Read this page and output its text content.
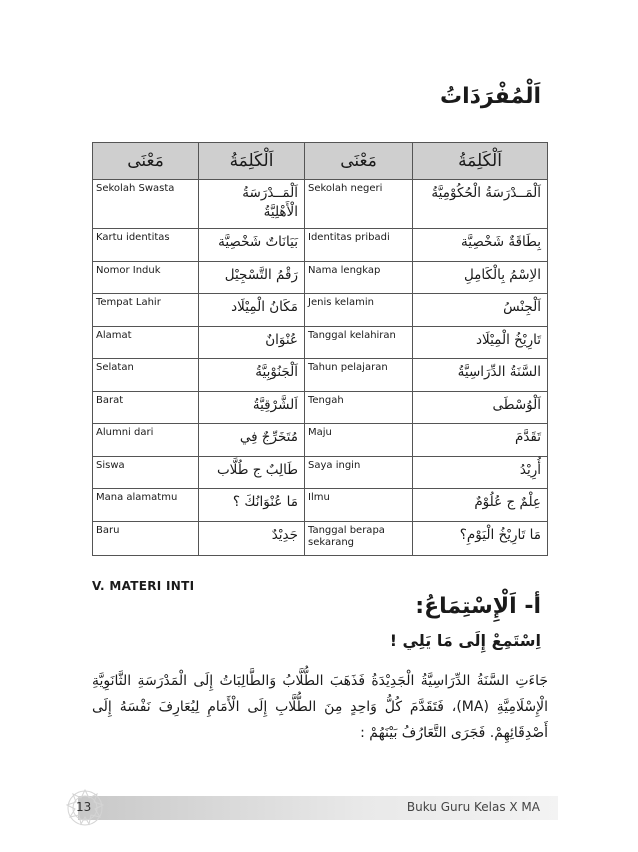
اَلْمُفْرَدَاتُ
مَعْنَى	اَلْكَلِمَةُ	مَعْنَى	اَلْكَلِمَةُ
Sekolah Swasta	اَلْمَــدْرَسَةُ الْأَهْلِيَّةُ	Sekolah negeri	اَلْمَــدْرَسَةُ الْحُكُوْمِيَّةُ
Kartu identitas	بَيَانَاتٌ شَخْصِيَّة	Identitas pribadi	بِطَاقَةٌ شَخْصِيَّة
Nomor Induk	رَقْمُ التَّسْجِيْل	Nama lengkap	الاِسْمُ بِالْكَامِلِ
Tempat Lahir	مَكَانُ الْمِيْلَاد	Jenis kelamin	اَلْجِنْسُ
Alamat	عُنْوَانٌ	Tanggal kelahiran	تَارِيْخُ الْمِيْلَاد
Selatan	اَلْجَنُوْبِيَّةُ	Tahun pelajaran	السَّنَةُ الدِّرَاسِيَّةُ
Barat	اَلشَّرْقِيَّةُ	Tengah	اَلْوُسْطَى
Alumni dari	مُتَخَرِّجٌ فِي	Maju	تَقَدَّمَ
Siswa	طَالِبٌ ج طُلَّاب	Saya ingin	أُرِيْدُ
Mana alamatmu	مَا عُنْوَانُكَ ؟	Ilmu	عِلْمٌ ج عُلُوْمٌ
Baru	جَدِيْدٌ	Tanggal berapa sekarang	مَا تَارِيْخُ الْيَوْمِ؟
V. MATERI INTI
أ- اَلْإِسْتِمَاعُ:
اِسْتَمِعْ إِلَى مَا يَلِي !
جَاءَتِ السَّنَةُ الدِّرَاسِيَّةُ الْجَدِيْدَةُ فَذَهَبَ الطُّلَّابُ وَالطَّالِبَاتُ إِلَى الْمَدْرَسَةِ الثَّانَوِيَّةِ الْإِسْلَامِيَّةِ (MA)، فَتَقَدَّمَ كُلُّ وَاحِدٍ مِنَ الطُّلَّابِ إِلَى الْأَمَامِ لِيُعَارِفَ نَفْسَهُ إِلَى أَصْدِقَائِهِمْ. فَجَرَى التَّعَارُفُ بَيْنَهُمْ :
13	Buku Guru Kelas X MA
